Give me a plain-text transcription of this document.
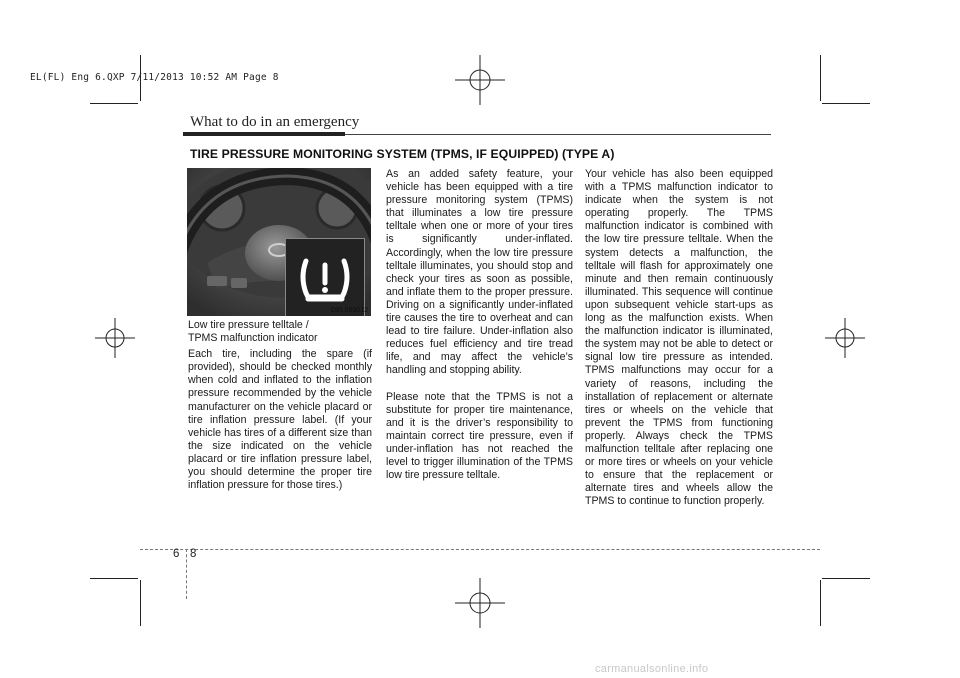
EL(FL) Eng 6.QXP 7/11/2013 10:52 AM Page 8
What to do in an emergency
TIRE PRESSURE MONITORING SYSTEM (TPMS, IF EQUIPPED) (TYPE A)
OEL063012

Low tire pressure telltale / TPMS malfunction indicator

Each tire, including the spare (if provided), should be checked monthly when cold and inflated to the inflation pressure recommended by the vehicle manufacturer on the vehicle placard or tire inflation pressure label. (If your vehicle has tires of a different size than the size indicated on the vehicle placard or tire inflation pressure label, you should determine the proper tire inflation pressure for those tires.)

As an added safety feature, your vehicle has been equipped with a tire pressure monitoring system (TPMS) that illuminates a low tire pressure telltale when one or more of your tires is significantly under-inflated. Accordingly, when the low tire pressure telltale illuminates, you should stop and check your tires as soon as possible, and inflate them to the proper pressure. Driving on a significantly under-inflated tire causes the tire to overheat and can lead to tire failure. Under-inflation also reduces fuel efficiency and tire tread life, and may affect the vehicle’s handling and stopping ability.

Please note that the TPMS is not a substitute for proper tire maintenance, and it is the driver’s responsibility to maintain correct tire pressure, even if under-inflation has not reached the level to trigger illumination of the TPMS low tire pressure telltale.

Your vehicle has also been equipped with a TPMS malfunction indicator to indicate when the system is not operating properly. The TPMS malfunction indicator is combined with the low tire pressure telltale. When the system detects a malfunction, the telltale will flash for approximately one minute and then remain continuously illuminated. This sequence will continue upon subsequent vehicle start-ups as long as the malfunction exists. When the malfunction indicator is illuminated, the system may not be able to detect or signal low tire pressure as intended. TPMS malfunctions may occur for a variety of reasons, including the installation of replacement or alternate tires or wheels on the vehicle that prevent the TPMS from functioning properly. Always check the TPMS malfunction telltale after replacing one or more tires or wheels on your vehicle to ensure that the replacement or alternate tires and wheels allow the TPMS to continue to function properly.

6 8
carmanualsonline.info
